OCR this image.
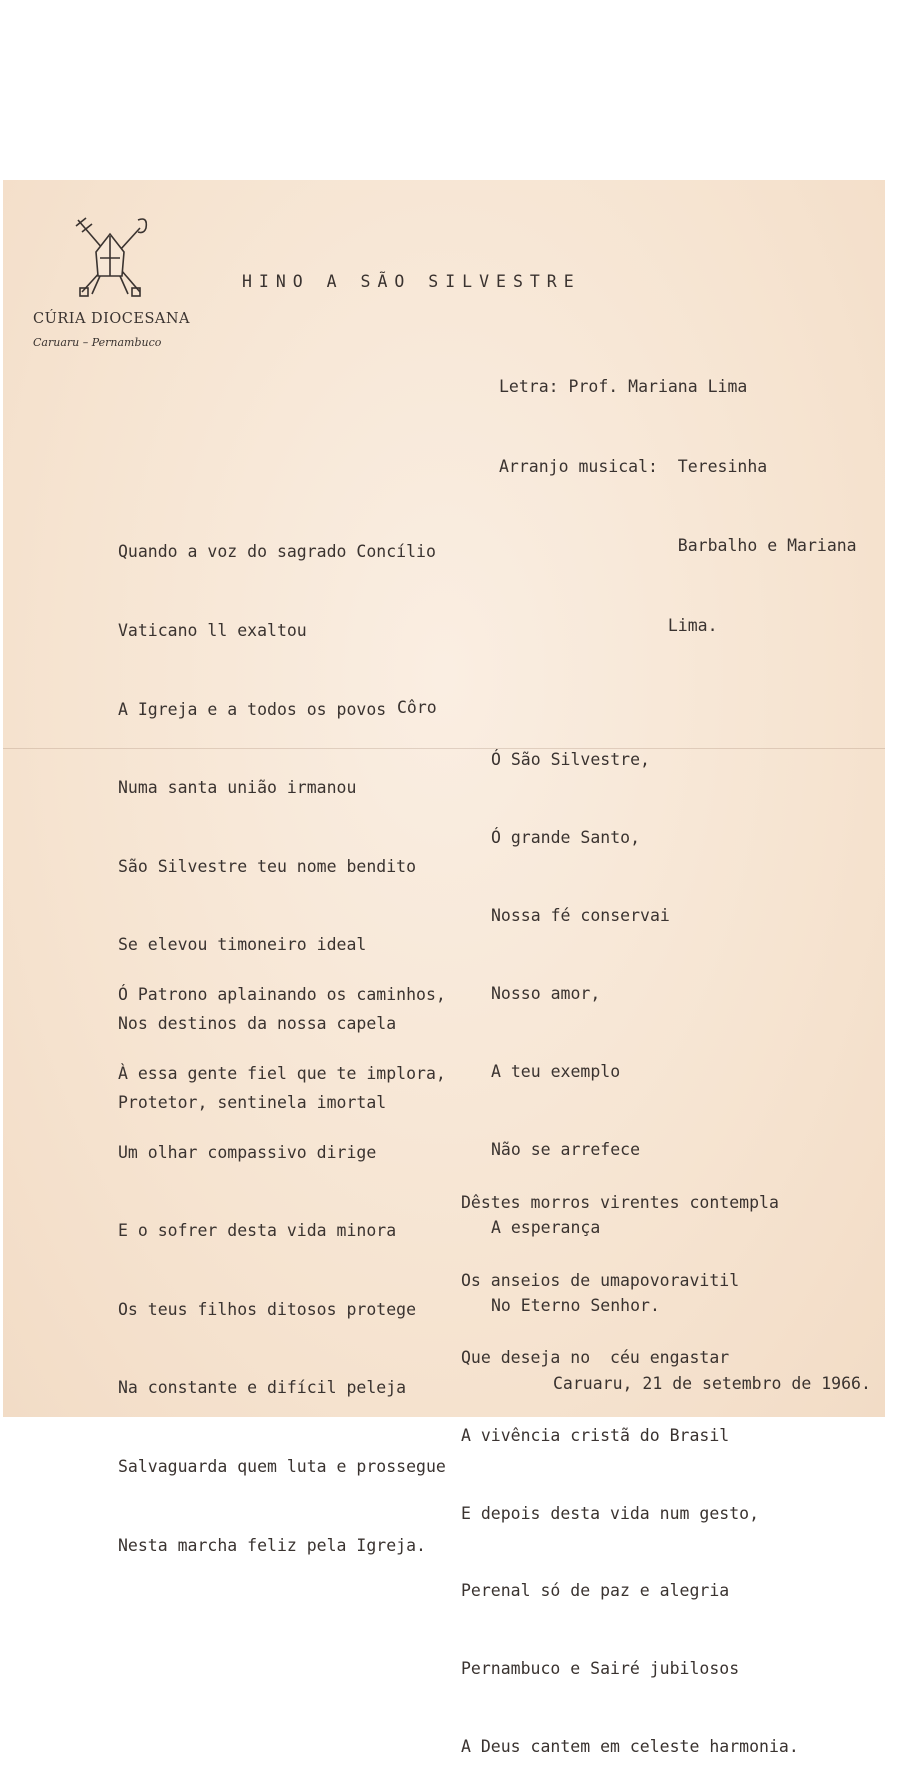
CÚRIA DIOCESANA
Caruaru – Pernambuco
HINO A SÃO SILVESTRE

Letra: Prof. Mariana Lima

Arranjo musical:  Teresinha

Barbalho e Mariana

Lima.

Quando a voz do sagrado Concílio

Vaticano ll exaltou

A Igreja e a todos os povos

Numa santa união irmanou

São Silvestre teu nome bendito

Se elevou timoneiro ideal

Nos destinos da nossa capela

Protetor, sentinela imortal

Côro

Ó São Silvestre,

Ó grande Santo,

Nossa fé conservai

Nosso amor,

A teu exemplo

Não se arrefece

A esperança

No Eterno Senhor.

Ó Patrono aplainando os caminhos,

À essa gente fiel que te implora,

Um olhar compassivo dirige

E o sofrer desta vida minora

Os teus filhos ditosos protege

Na constante e difícil peleja

Salvaguarda quem luta e prossegue

Nesta marcha feliz pela Igreja.

Dêstes morros virentes contempla

Os anseios de umapovoravitil

Que deseja no  céu engastar

A vivência cristã do Brasil

E depois desta vida num gesto,

Perenal só de paz e alegria

Pernambuco e Sairé jubilosos

A Deus cantem em celeste harmonia.

Caruaru, 21 de setembro de 1966.
